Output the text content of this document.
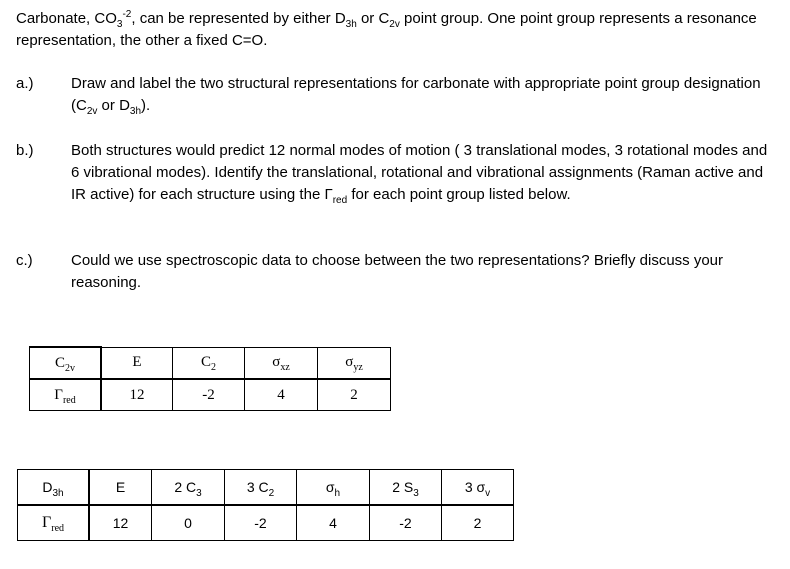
Carbonate, $CO_3^{-2}$, can be represented by either $D_{3h}$ or $C_{2v}$ point group. One point group represents a resonance representation, the other a fixed C=O.
a.) Draw and label the two structural representations for carbonate with appropriate point group designation ($C_{2v}$ or $D_{3h}$).
b.) Both structures would predict 12 normal modes of motion ( 3 translational modes, 3 rotational modes and 6 vibrational modes). Identify the translational, rotational and vibrational assignments (Raman active and IR active) for each structure using the $\Gamma_{red}$ for each point group listed below.
c.)	Could we use spectroscopic data to choose between the two representations? Briefly discuss your reasoning.
$C_{2v}$	E	$C_2$	$\sigma_{xz}$	$\sigma_{yz}$
$\Gamma_{red}$	12	-2	4	2
$D_{3h}$	E	2 $C_3$	3 $C_2$	$\sigma_h$	2 $S_3$	3 $\sigma_v$
$\Gamma_{red}$	12	0	-2	4	-2	2
